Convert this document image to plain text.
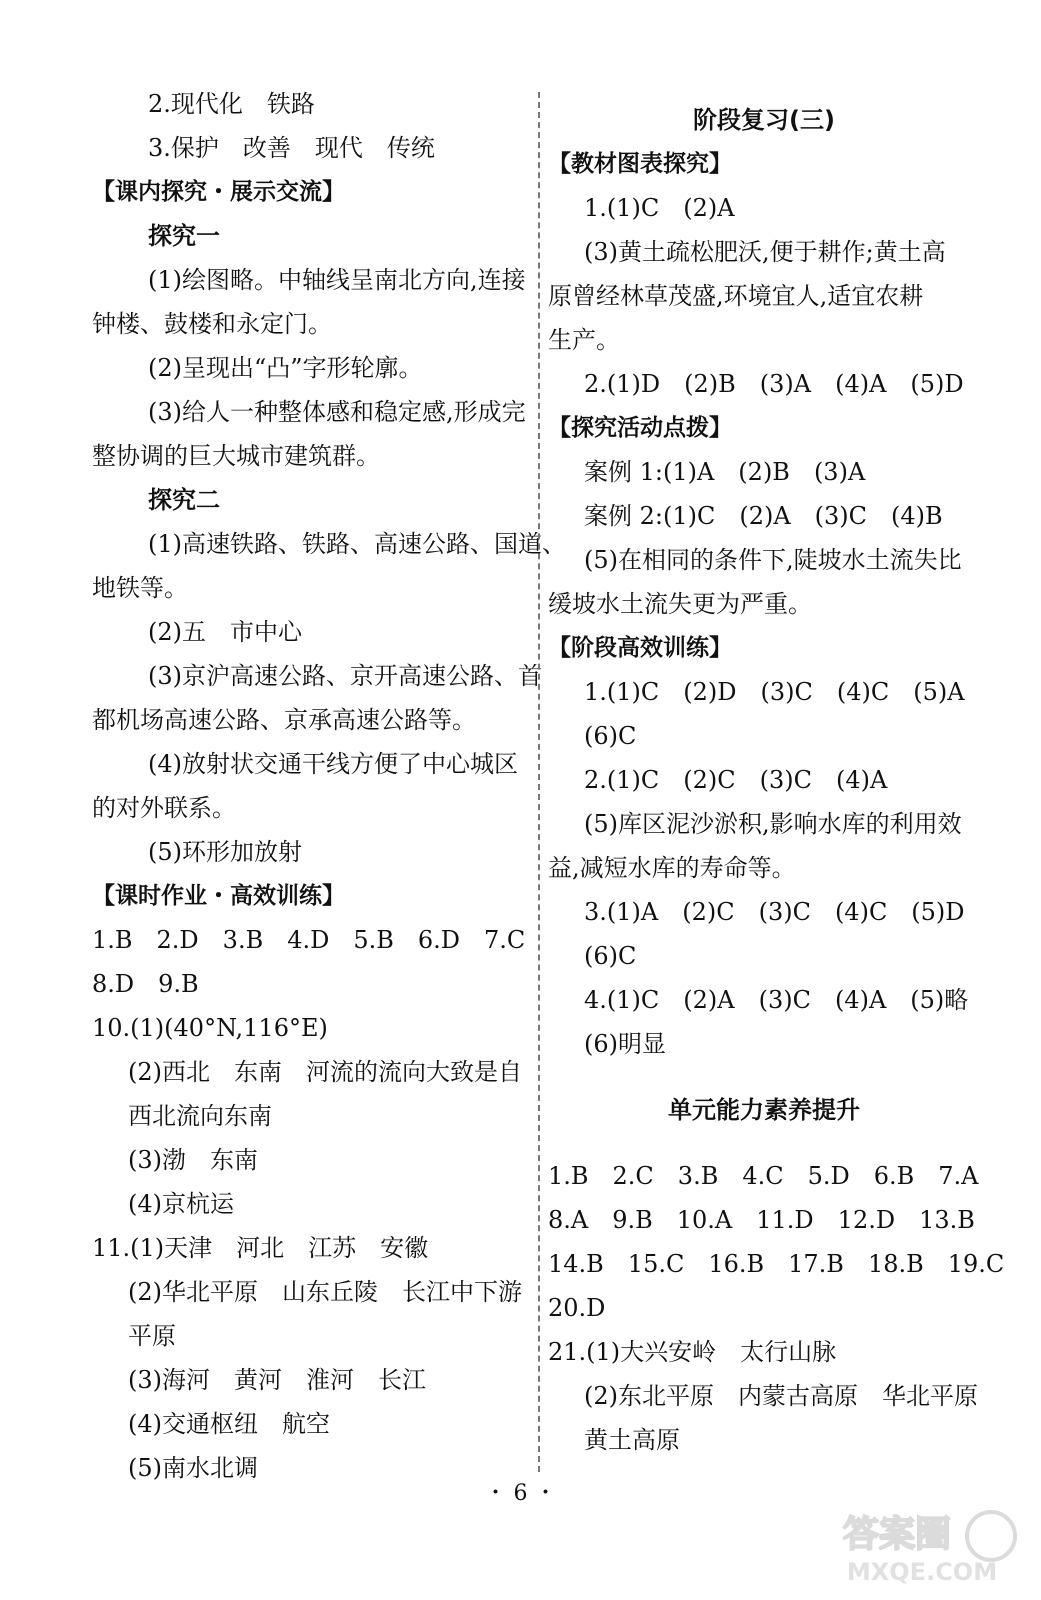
2.现代化　铁路
3.保护　改善　现代　传统
【课内探究・展示交流】
探究一
(1)绘图略。中轴线呈南北方向,连接
钟楼、鼓楼和永定门。
(2)呈现出“凸”字形轮廓。
(3)给人一种整体感和稳定感,形成完
整协调的巨大城市建筑群。
探究二
(1)高速铁路、铁路、高速公路、国道、
地铁等。
(2)五　市中心
(3)京沪高速公路、京开高速公路、首
都机场高速公路、京承高速公路等。
(4)放射状交通干线方便了中心城区
的对外联系。
(5)环形加放射
【课时作业・高效训练】
1.B　2.D　3.B　4.D　5.B　6.D　7.C
8.D　9.B
10.(1)(40°N,116°E)
(2)西北　东南　河流的流向大致是自
西北流向东南
(3)渤　东南
(4)京杭运
11.(1)天津　河北　江苏　安徽
(2)华北平原　山东丘陵　长江中下游
平原
(3)海河　黄河　淮河　长江
(4)交通枢纽　航空
(5)南水北调
阶段复习(三)
【教材图表探究】
1.(1)C　(2)A
(3)黄土疏松肥沃,便于耕作;黄土高
原曾经林草茂盛,环境宜人,适宜农耕
生产。
2.(1)D　(2)B　(3)A　(4)A　(5)D
【探究活动点拨】
案例 1:(1)A　(2)B　(3)A
案例 2:(1)C　(2)A　(3)C　(4)B
(5)在相同的条件下,陡坡水土流失比
缓坡水土流失更为严重。
【阶段高效训练】
1.(1)C　(2)D　(3)C　(4)C　(5)A
(6)C
2.(1)C　(2)C　(3)C　(4)A
(5)库区泥沙淤积,影响水库的利用效
益,减短水库的寿命等。
3.(1)A　(2)C　(3)C　(4)C　(5)D
(6)C
4.(1)C　(2)A　(3)C　(4)A　(5)略
(6)明显
单元能力素养提升
1.B　2.C　3.B　4.C　5.D　6.B　7.A
8.A　9.B　10.A　11.D　12.D　13.B
14.B　15.C　16.B　17.B　18.B　19.C
20.D
21.(1)大兴安岭　太行山脉
(2)东北平原　内蒙古高原　华北平原
黄土高原
・ 6 ・
答案圈
MXQE.COM
